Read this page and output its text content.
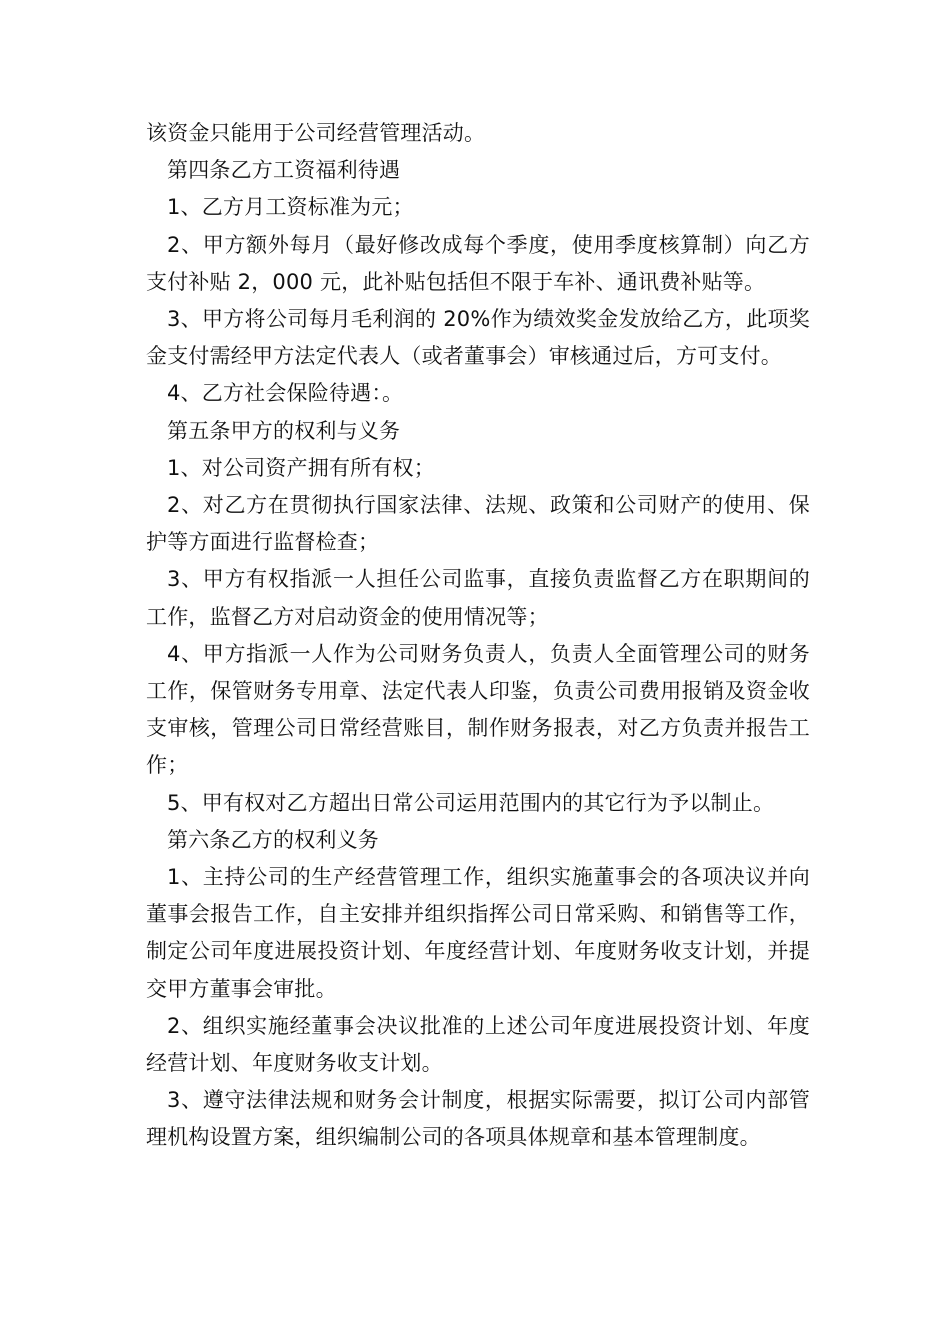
该资金只能用于公司经营管理活动。

第四条乙方工资福利待遇

1、乙方月工资标准为元；

2、甲方额外每月（最好修改成每个季度，使用季度核算制）向乙方支付补贴 2，000 元，此补贴包括但不限于车补、通讯费补贴等。

3、甲方将公司每月毛利润的 20%作为绩效奖金发放给乙方，此项奖金支付需经甲方法定代表人（或者董事会）审核通过后，方可支付。

4、乙方社会保险待遇：。

第五条甲方的权利与义务

1、对公司资产拥有所有权；

2、对乙方在贯彻执行国家法律、法规、政策和公司财产的使用、保护等方面进行监督检查；

3、甲方有权指派一人担任公司监事，直接负责监督乙方在职期间的工作，监督乙方对启动资金的使用情况等；

4、甲方指派一人作为公司财务负责人，负责人全面管理公司的财务工作，保管财务专用章、法定代表人印鉴，负责公司费用报销及资金收支审核，管理公司日常经营账目，制作财务报表，对乙方负责并报告工作；

5、甲有权对乙方超出日常公司运用范围内的其它行为予以制止。

第六条乙方的权利义务

1、主持公司的生产经营管理工作，组织实施董事会的各项决议并向董事会报告工作，自主安排并组织指挥公司日常采购、和销售等工作，制定公司年度进展投资计划、年度经营计划、年度财务收支计划，并提交甲方董事会审批。

2、组织实施经董事会决议批准的上述公司年度进展投资计划、年度经营计划、年度财务收支计划。

3、遵守法律法规和财务会计制度，根据实际需要，拟订公司内部管理机构设置方案，组织编制公司的各项具体规章和基本管理制度。
